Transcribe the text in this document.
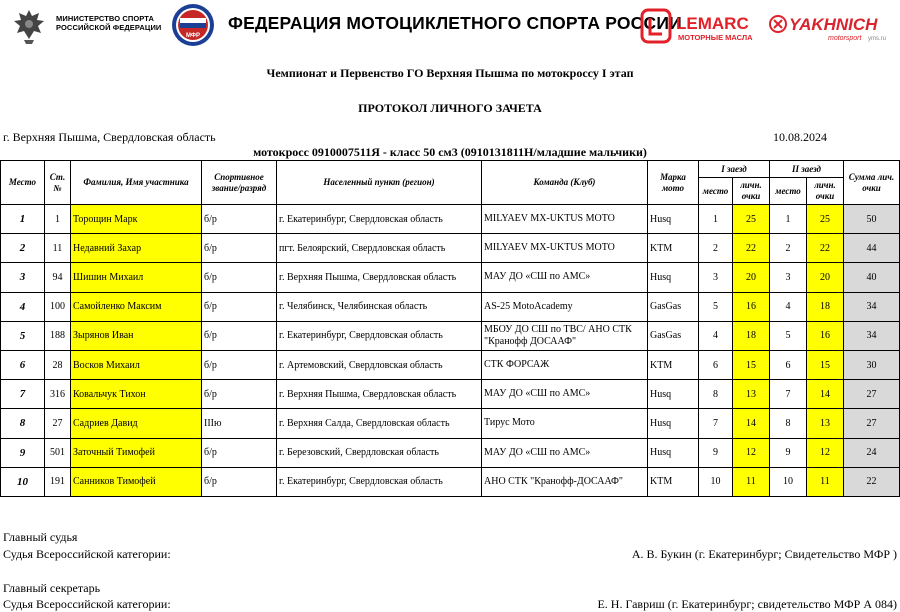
МИНИСТЕРСТВО СПОРТА
РОССИЙСКОЙ ФЕДЕРАЦИИ
МФР
ФЕДЕРАЦИЯ МОТОЦИКЛЕТНОГО СПОРТА РОССИИ
LEMARC
МОТОРНЫЕ МАСЛА
YAKHNICH
motorsport yms.ru
Чемпионат и Первенство ГО Верхняя Пышма по мотокроссу I этап
ПРОТОКОЛ ЛИЧНОГО ЗАЧЕТА
г. Верхняя Пышма, Свердловская область	10.08.2024
мотокросс 0910007511Я - класс 50 см3 (0910131811Н/младшие мальчики)
Место	Ст. №	Фамилия, Имя участника	Спортивное звание/разряд	Населенный пункт (регион)	Команда (Клуб)	Марка мото	I заезд		II заезд		Сумма лич. очки
							место	личн. очки	место	личн. очки	
1	1	Торощин Марк	б/р	г. Екатеринбург, Свердловская область	MILYAEV MX-UKTUS MOTO	Husq	1	25	1	25	50
2	11	Недавний Захар	б/р	пгт. Белоярский, Свердловская область	MILYAEV MX-UKTUS MOTO	KTM	2	22	2	22	44
3	94	Шишин Михаил	б/р	г. Верхняя Пышма, Свердловская область	МАУ ДО «СШ по АМС»	Husq	3	20	3	20	40
4	100	Самойленко Максим	б/р	г. Челябинск, Челябинская область	AS-25 MotoAcademy	GasGas	5	16	4	18	34
5	188	Зырянов Иван	б/р	г. Екатеринбург, Свердловская область	МБОУ ДО СШ по ТВС/ АНО СТК "Кранофф ДОСААФ"	GasGas	4	18	5	16	34
6	28	Восков Михаил	б/р	г. Артемовский, Свердловская область	СТК ФОРСАЖ	KTM	6	15	6	15	30
7	316	Ковальчук Тихон	б/р	г. Верхняя Пышма, Свердловская область	МАУ ДО «СШ по АМС»	Husq	8	13	7	14	27
8	27	Садриев Давид	IIIю	г. Верхняя Салда, Свердловская область	Тирус Мото	Husq	7	14	8	13	27
9	501	Заточный Тимофей	б/р	г. Березовский, Свердловская область	МАУ ДО «СШ по АМС»	Husq	9	12	9	12	24
10	191	Санников Тимофей	б/р	г. Екатеринбург, Свердловская область	АНО СТК "Кранофф-ДОСААФ"	KTM	10	11	10	11	22
Главный судья
Судья Всероссийской категории:	А. В. Букин (г. Екатеринбург; Свидетельство МФР )
Главный секретарь
Судья Всероссийской категории:	Е. Н. Гавриш (г. Екатеринбург; свидетельство МФР А 084)
